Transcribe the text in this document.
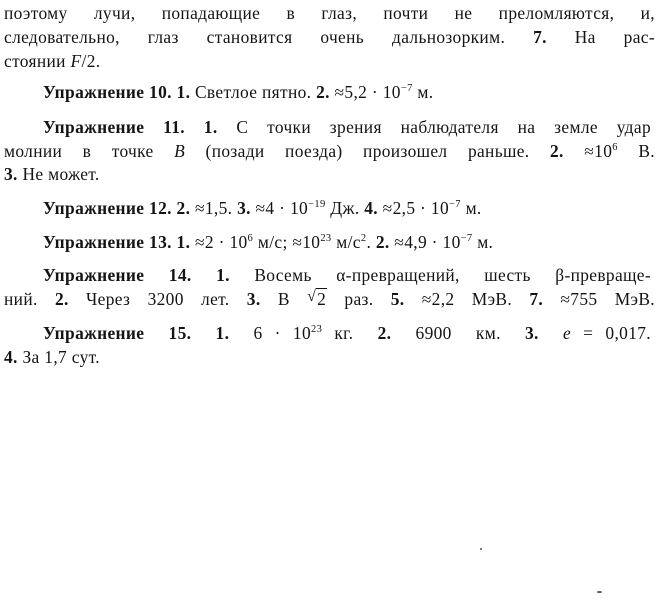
поэтому лучи, попадающие в глаз, почти не преломляются, и,
следовательно, глаз становится очень дальнозорким. 7. На рас-
стоянии F/2.
Упражнение 10. 1. Светлое пятно. 2. $\approx 5,2 \cdot 10^{-7}$ м.
Упражнение 11. 1. С точки зрения наблюдателя на земле удар
молнии в точке B (позади поезда) произошел раньше. 2. $\approx 10^6$ В.
3. Не может.
Упражнение 12. 2. ≈1,5. 3. $\approx 4 \cdot 10^{-19}$ Дж. 4. $\approx 2,5 \cdot 10^{-7}$ м.
Упражнение 13. 1. $\approx 2 \cdot 10^6$ м/с; $\approx 10^{23}$ $м/с^2$. 2. $\approx 4,9 \cdot 10^{-7}$ м.
Упражнение 14. 1. Восемь α-превращений, шесть β-превраще-
ний. 2. Через 3200 лет. 3. В √ 2 раз. 5. ≈2,2 МэВ. 7. ≈755 МэВ.
Упражнение  15.  1.  $6 \cdot 10^{23}$ кг.  2.  6900  км.  3. e = 0,017.
4. За 1,7 сут.
